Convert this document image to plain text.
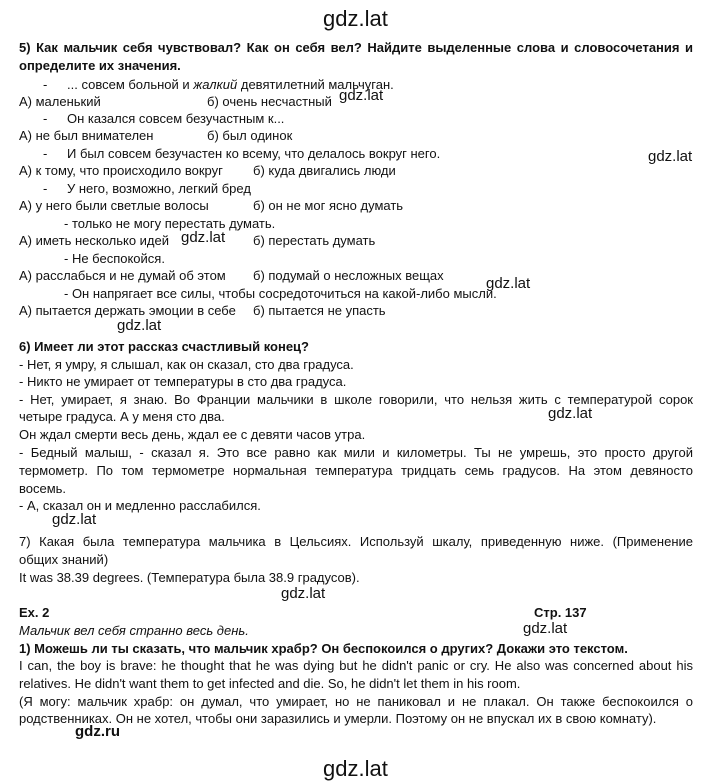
gdz.lat
5) Как мальчик себя чувствовал? Как он себя вел? Найдите выделенные слова и словосочетания и
определите их значения.
- ... совсем больной и жалкий девятилетний мальчуган.
А) маленький	б) очень несчастный
- Он казался совсем безучастным к...
А) не был внимателен	б) был одинок
- И был совсем безучастен ко всему, что делалось вокруг него.
А) к тому, что происходило вокруг б) куда двигались люди
- У него, возможно, легкий бред
А) у него были светлые волосы	б) он не мог ясно думать
- только не могу перестать думать.
А) иметь несколько идей	б) перестать думать
- Не беспокойся.
А) расслабься и не думай об этом б) подумай о несложных вещах
- Он напрягает все силы, чтобы сосредоточиться на какой-либо мысли.
А) пытается держать эмоции в себе б) пытается не упасть
6) Имеет ли этот рассказ счастливый конец?
- Нет, я умру, я слышал, как он сказал, сто два градуса.
- Никто не умирает от температуры в сто два градуса.
- Нет, умирает, я знаю. Во Франции мальчики в школе говорили, что нельзя жить с температурой сорок
четыре градуса. А у меня сто два.
Он ждал смерти весь день, ждал ее с девяти часов утра.
- Бедный малыш, - сказал я. Это все равно как мили и километры. Ты не умрешь, это просто другой
термометр. По том термометре нормальная температура тридцать семь градусов. На этом девяносто
восемь.
- А, сказал он и медленно расслабился.
7) Какая была температура мальчика в Цельсиях. Используй шкалу, приведенную ниже. (Применение
общих знаний)
It was 38.39 degrees. (Температура была 38.9 градусов).
Ex. 2	Стр. 137
Мальчик вел себя странно весь день.
1) Можешь ли ты сказать, что мальчик храбр? Он беспокоился о других? Докажи это текстом.
I can, the boy is brave: he thought that he was dying but he didn't panic or cry. He also was concerned about his
relatives. He didn't want them to get infected and die. So, he didn't let them in his room.
(Я могу: мальчик храбр: он думал, что умирает, но не паниковал и не плакал. Он также беспокоился о
родственниках. Он не хотел, чтобы они заразились и умерли. Поэтому он не впускал их в свою комнату).
gdz.lat
gdz.lat
gdz.lat
gdz.lat
gdz.lat
gdz.lat
gdz.lat
gdz.lat
gdz.lat
gdz.ru
gdz.lat
